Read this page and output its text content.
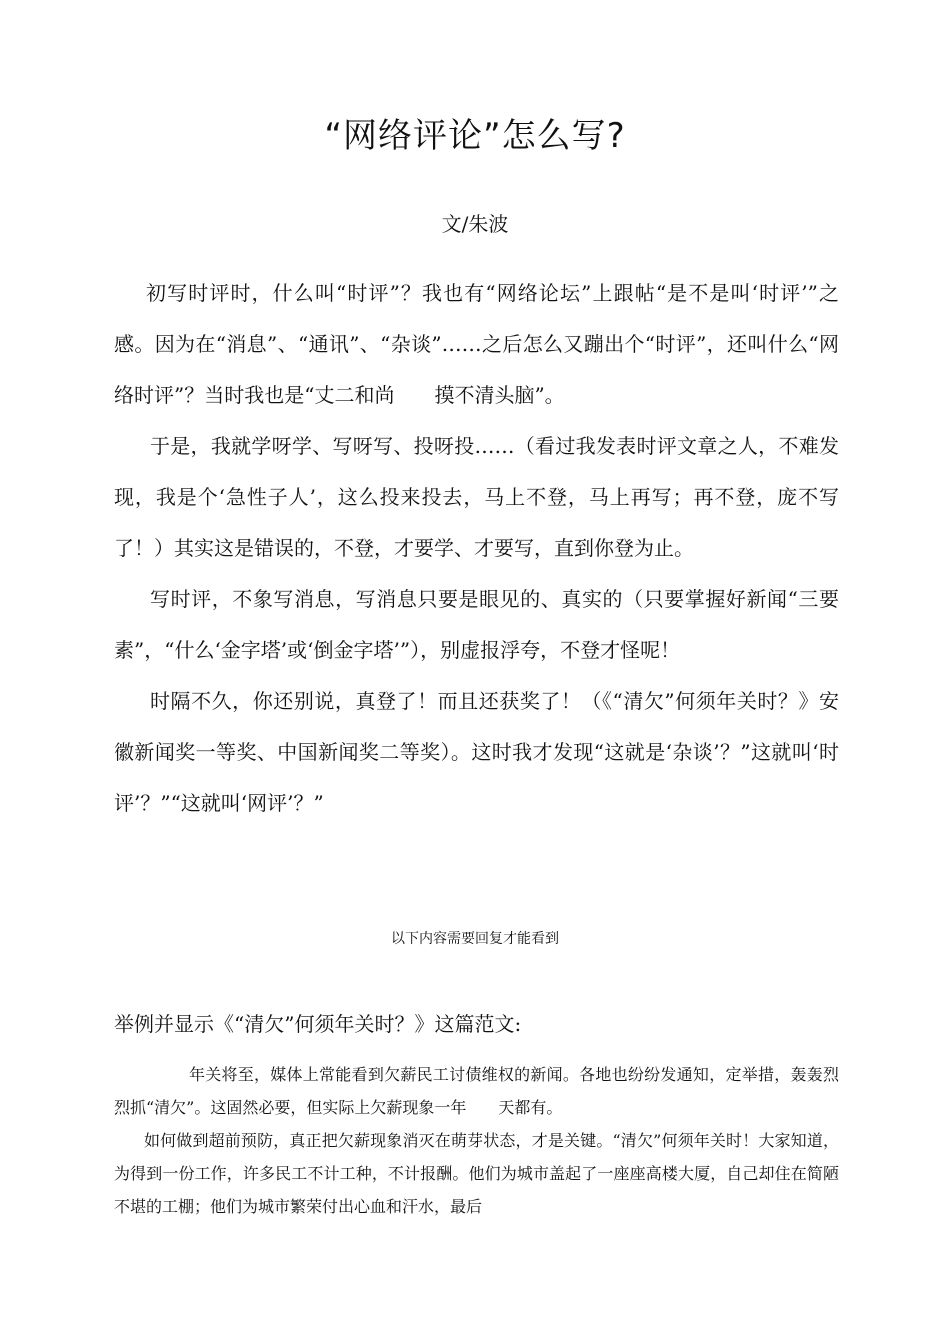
“网络评论”怎么写?
文/朱波

初写时评时，什么叫“时评”？我也有“网络论坛”上跟帖“是不是叫‘时评’”之感。因为在“消息”、“通讯”、“杂谈”……之后怎么又蹦出个“时评”，还叫什么“网络时评”？当时我也是“丈二和尚　　摸不清头脑”。

于是，我就学呀学、写呀写、投呀投……（看过我发表时评文章之人，不难发现，我是个‘急性子人’，这么投来投去，马上不登，马上再写；再不登，庞不写了！）其实这是错误的，不登，才要学、才要写，直到你登为止。

写时评，不象写消息，写消息只要是眼见的、真实的（只要掌握好新闻“三要素”，“什么‘金字塔’或‘倒金字塔’”），别虚报浮夸，不登才怪呢！

时隔不久，你还别说，真登了！而且还获奖了！（《“清欠”何须年关时？》安徽新闻奖一等奖、中国新闻奖二等奖）。这时我才发现“这就是‘杂谈’？”这就叫‘时评’？”“这就叫‘网评’？”

以下内容需要回复才能看到
举例并显示《“清欠”何须年关时？》这篇范文:

年关将至，媒体上常能看到欠薪民工讨债维权的新闻。各地也纷纷发通知，定举措，轰轰烈烈抓“清欠”。这固然必要，但实际上欠薪现象一年　　天都有。

如何做到超前预防，真正把欠薪现象消灭在萌芽状态，才是关键。“清欠”何须年关时！大家知道，为得到一份工作，许多民工不计工种，不计报酬。他们为城市盖起了一座座高楼大厦，自己却住在简陋不堪的工棚；他们为城市繁荣付出心血和汗水，最后
